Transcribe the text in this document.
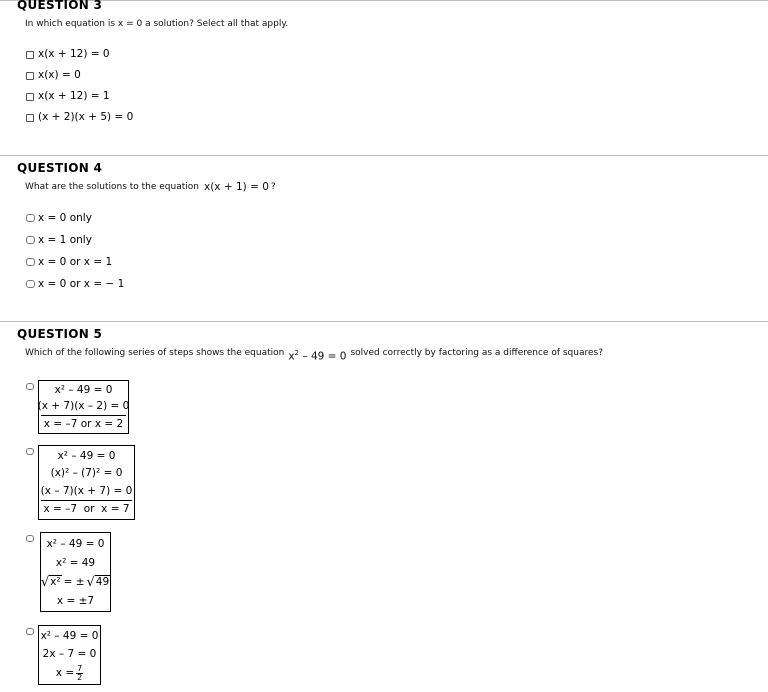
QUESTION 3
In which equation is x = 0 a solution? Select all that apply.
x(x + 12) = 0
x(x) = 0
x(x + 12) = 1
(x + 2)(x + 5) = 0
QUESTION 4
What are the solutions to the equation x(x + 1) = 0 ?
x = 0 only
x = 1 only
x = 0 or x = 1
x = 0 or x = − 1
QUESTION 5
Which of the following series of steps shows the equation $x^2 - 49 = 0$ solved correctly by factoring as a difference of squares?
x² – 49 = 0
(x + 7)(x – 2) = 0
x = –7 or x = 2
x² – 49 = 0
(x)² – (7)² = 0
(x – 7)(x + 7) = 0
x = –7  or  x = 7
x² – 49 = 0
x² = 49
√ x² = ± √ 49
x = ±7
x² – 49 = 0
2x – 7 = 0
$x = \frac{7}{2}$
